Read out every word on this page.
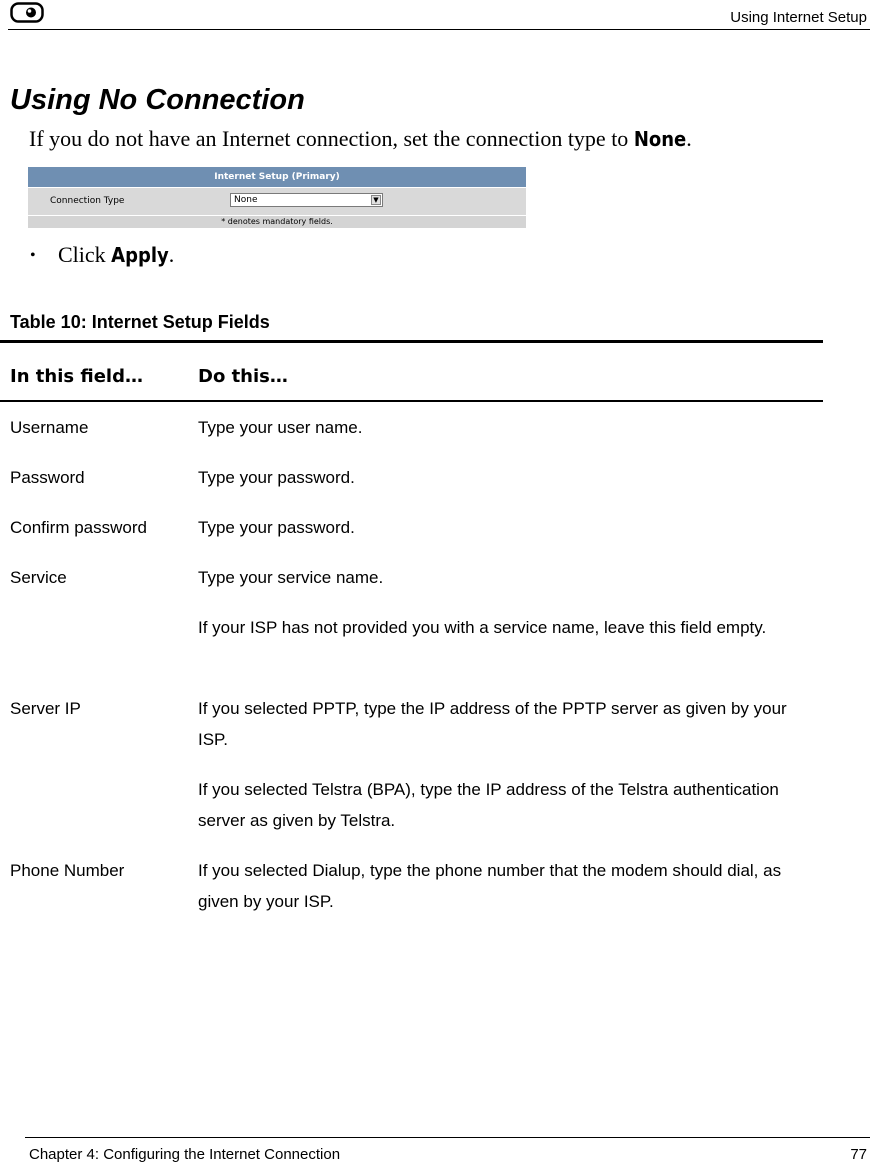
Using Internet Setup
Using No Connection
If you do not have an Internet connection, set the connection type to None.
Internet Setup (Primary)
Connection Type	None	▼
* denotes mandatory fields.
• Click Apply.
Table 10: Internet Setup Fields
In this field…	Do this…
Username	Type your user name.
Password	Type your password.
Confirm password	Type your password.
Service	Type your service name.
If your ISP has not provided you with a service name, leave this field empty.
Server IP	If you selected PPTP, type the IP address of the PPTP server as given by your ISP.
If you selected Telstra (BPA), type the IP address of the Telstra authentication server as given by Telstra.
Phone Number	If you selected Dialup, type the phone number that the modem should dial, as given by your ISP.
Chapter 4: Configuring the Internet Connection	77
